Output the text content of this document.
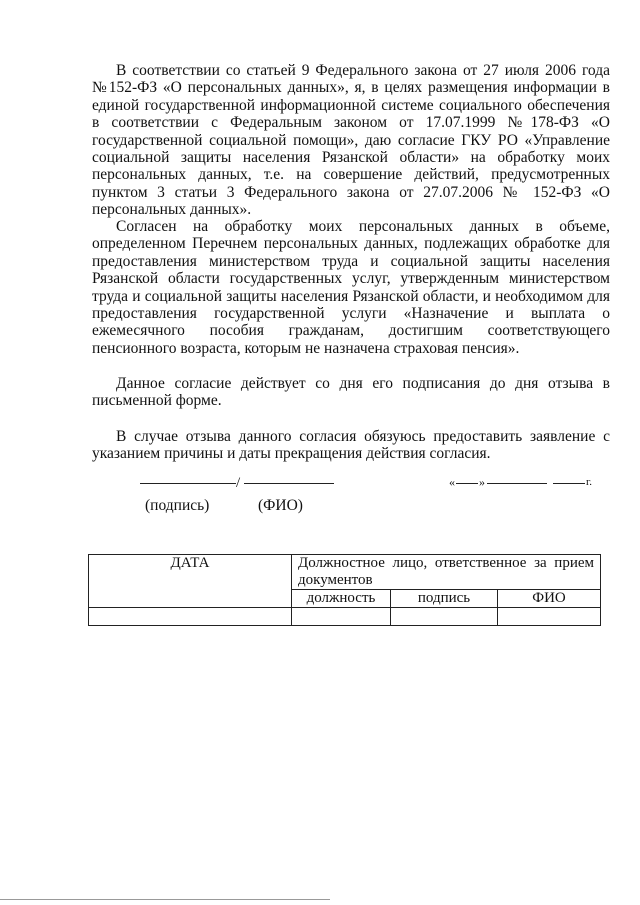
В соответствии со статьей 9 Федерального закона от 27 июля 2006 года №152-ФЗ «О персональных данных», я, в целях размещения информации в единой государственной информационной системе социального обеспечения в соответствии с Федеральным законом от 17.07.1999 №178-ФЗ «О государственной социальной помощи», даю согласие ГКУ РО «Управление социальной защиты населения Рязанской области» на обработку моих персональных данных, т.е. на совершение действий, предусмотренных пунктом 3 статьи 3 Федерального закона от 27.07.2006 № 152-ФЗ «О персональных данных».

Согласен на обработку моих персональных данных в объеме, определенном Перечнем персональных данных, подлежащих обработке для предоставления министерством труда и социальной защиты населения Рязанской области государственных услуг, утвержденным министерством труда и социальной защиты населения Рязанской области, и необходимом для предоставления государственной услуги «Назначение и выплата о ежемесячного пособия гражданам, достигшим соответствующего пенсионного возраста, которым не назначена страховая пенсия».

Данное согласие действует со дня его подписания до дня отзыва в письменной форме.

В случае отзыва данного согласия обязуюсь предоставить заявление с указанием причины и даты прекращения действия согласия.

/
(подпись)	(ФИО)
« »	г.
ДАТА	Должностное лицо, ответственное за прием документов		
	должность	подпись	ФИО
